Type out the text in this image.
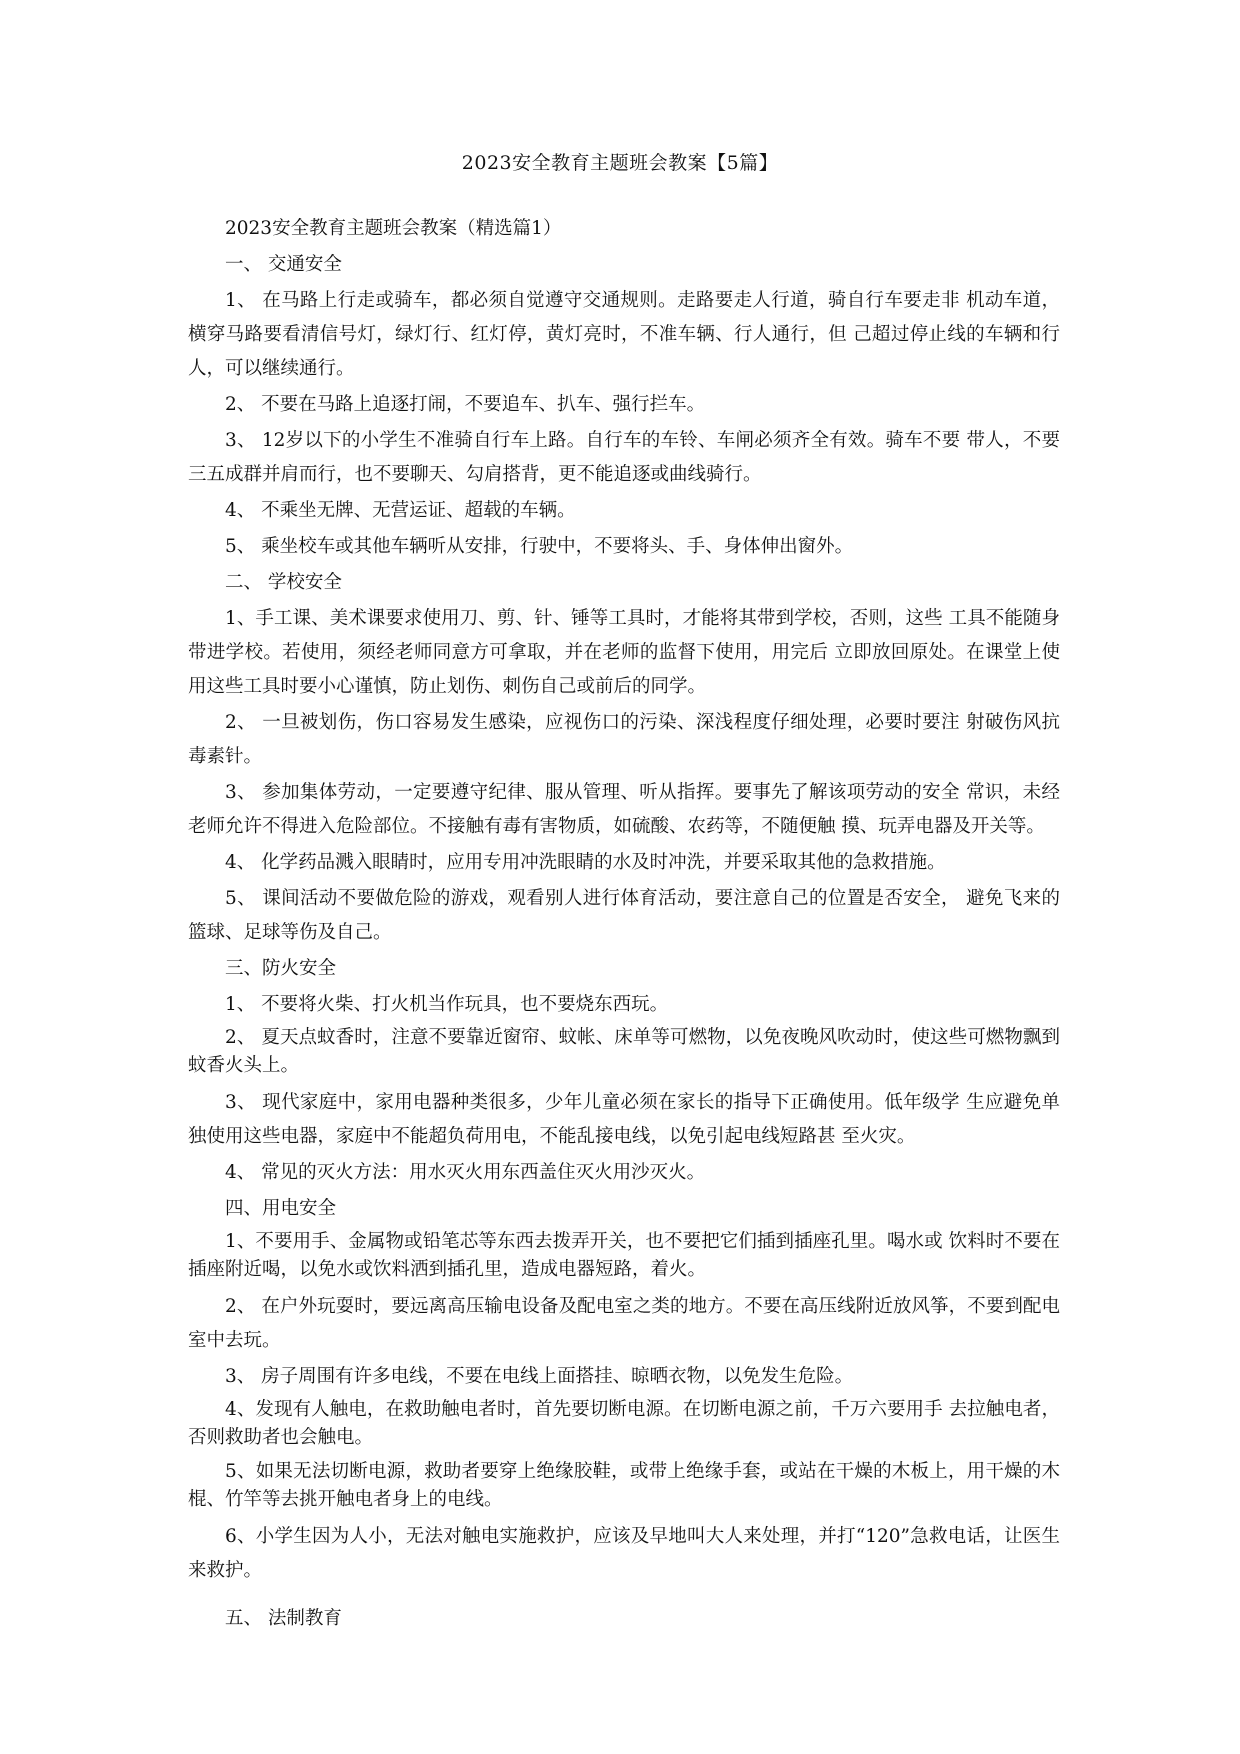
2023安全教育主题班会教案【5篇】

2023安全教育主题班会教案（精选篇1）

一、 交通安全

1、 在马路上行走或骑车，都必须自觉遵守交通规则。走路要走人行道，骑自行车要走非 机动车道，横穿马路要看清信号灯，绿灯行、红灯停，黄灯亮时，不准车辆、行人通行，但 己超过停止线的车辆和行人，可以继续通行。

2、 不要在马路上追逐打闹，不要追车、扒车、强行拦车。

3、 12岁以下的小学生不准骑自行车上路。自行车的车铃、车闸必须齐全有效。骑车不要 带人，不要三五成群并肩而行，也不要聊天、勾肩搭背，更不能追逐或曲线骑行。

4、 不乘坐无牌、无营运证、超载的车辆。

5、 乘坐校车或其他车辆听从安排，行驶中，不要将头、手、身体伸出窗外。

二、 学校安全

1、手工课、美术课要求使用刀、剪、针、锤等工具时，才能将其带到学校，否则，这些 工具不能随身带进学校。若使用，须经老师同意方可拿取，并在老师的监督下使用，用完后 立即放回原处。在课堂上使用这些工具时要小心谨慎，防止划伤、刺伤自己或前后的同学。

2、 一旦被划伤，伤口容易发生感染，应视伤口的污染、深浅程度仔细处理，必要时要注 射破伤风抗毒素针。

3、 参加集体劳动，一定要遵守纪律、服从管理、听从指挥。要事先了解该项劳动的安全 常识，未经老师允许不得进入危险部位。不接触有毒有害物质，如硫酸、农药等，不随便触 摸、玩弄电器及开关等。

4、 化学药品溅入眼睛时，应用专用冲洗眼睛的水及时冲洗，并要采取其他的急救措施。

5、 课间活动不要做危险的游戏，观看别人进行体育活动，要注意自己的位置是否安全， 避免飞来的篮球、足球等伤及自己。

三、防火安全

1、 不要将火柴、打火机当作玩具，也不要烧东西玩。

2、 夏天点蚊香时，注意不要靠近窗帘、蚊帐、床单等可燃物，以免夜晚风吹动时，使这些可燃物飘到蚊香火头上。

3、 现代家庭中，家用电器种类很多，少年儿童必须在家长的指导下正确使用。低年级学 生应避免单独使用这些电器，家庭中不能超负荷用电，不能乱接电线，以免引起电线短路甚 至火灾。

4、 常见的灭火方法：用水灭火用东西盖住灭火用沙灭火。

四、用电安全

1、不要用手、金属物或铅笔芯等东西去拨弄开关，也不要把它们插到插座孔里。喝水或 饮料时不要在插座附近喝，以免水或饮料洒到插孔里，造成电器短路，着火。

2、 在户外玩耍时，要远离高压输电设备及配电室之类的地方。不要在高压线附近放风筝，不要到配电室中去玩。

3、 房子周围有许多电线，不要在电线上面搭挂、晾晒衣物，以免发生危险。

4、发现有人触电，在救助触电者时，首先要切断电源。在切断电源之前，千万六要用手 去拉触电者，否则救助者也会触电。

5、如果无法切断电源，救助者要穿上绝缘胶鞋，或带上绝缘手套，或站在干燥的木板上，用干燥的木棍、竹竿等去挑开触电者身上的电线。

6、小学生因为人小，无法对触电实施救护，应该及早地叫大人来处理，并打“120”急救电话，让医生来救护。

五、 法制教育
